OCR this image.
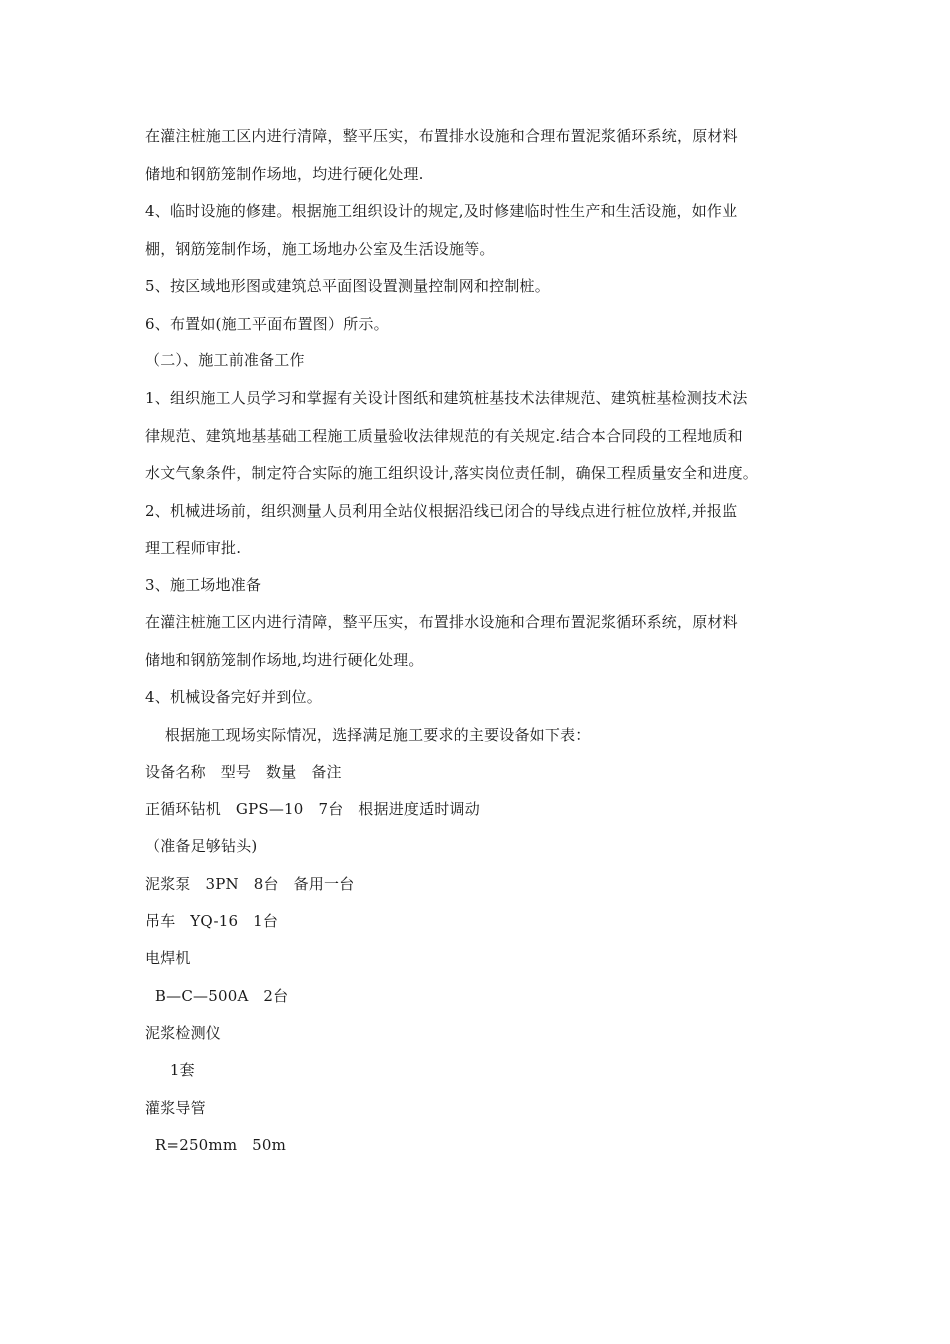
在灌注桩施工区内进行清障，整平压实，布置排水设施和合理布置泥浆循环系统，原材料
储地和钢筋笼制作场地，均进行硬化处理.
4、临时设施的修建。根据施工组织设计的规定,及时修建临时性生产和生活设施，如作业
棚，钢筋笼制作场，施工场地办公室及生活设施等。
5、按区域地形图或建筑总平面图设置测量控制网和控制桩。
6、布置如(施工平面布置图）所示。
（二）、施工前准备工作
1、组织施工人员学习和掌握有关设计图纸和建筑桩基技术法律规范、建筑桩基检测技术法
律规范、建筑地基基础工程施工质量验收法律规范的有关规定.结合本合同段的工程地质和
水文气象条件，制定符合实际的施工组织设计,落实岗位责任制，确保工程质量安全和进度。
2、机械进场前，组织测量人员利用全站仪根据沿线已闭合的导线点进行桩位放样,并报监
理工程师审批.
3、施工场地准备
在灌注桩施工区内进行清障，整平压实，布置排水设施和合理布置泥浆循环系统，原材料
储地和钢筋笼制作场地,均进行硬化处理。
4、机械设备完好并到位。
根据施工现场实际情况，选择满足施工要求的主要设备如下表：
设备名称   型号   数量   备注
正循环钻机   GPS—10   7台   根据进度适时调动
（准备足够钻头)
泥浆泵   3PN   8台   备用一台
吊车   YQ-16   1台
电焊机
B—C—500A   2台
泥浆检测仪
1套
灌浆导管
R=250mm   50m
